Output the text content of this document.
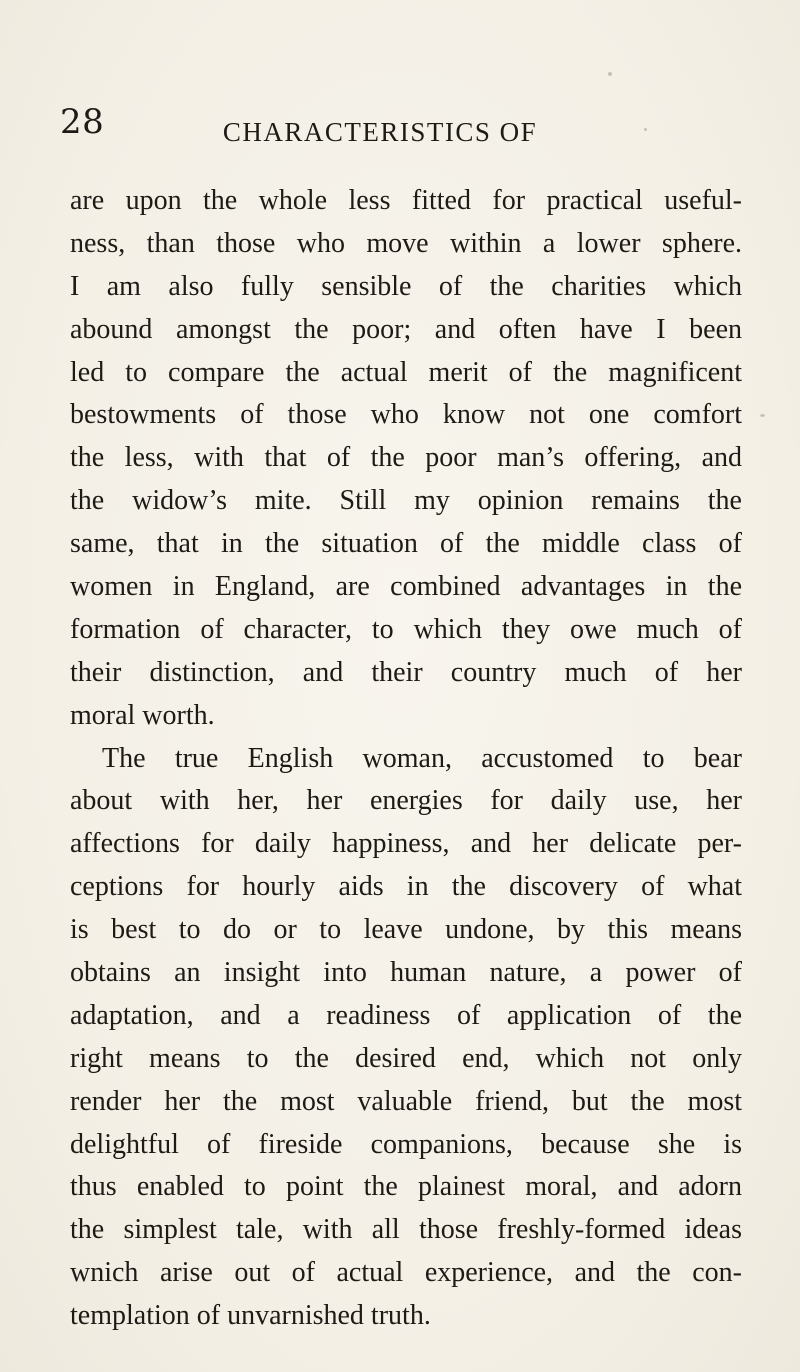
28	CHARACTERISTICS OF
are upon the whole less fitted for practical useful-
ness, than those who move within a lower sphere.
I am also fully sensible of the charities which
abound amongst the poor; and often have I been
led to compare the actual merit of the magnificent
bestowments of those who know not one comfort
the less, with that of the poor man’s offering, and
the widow’s mite. Still my opinion remains the
same, that in the situation of the middle class of
women in England, are combined advantages in the
formation of character, to which they owe much of
their distinction, and their country much of her
moral worth.
The true English woman, accustomed to bear
about with her, her energies for daily use, her
affections for daily happiness, and her delicate per-
ceptions for hourly aids in the discovery of what
is best to do or to leave undone, by this means
obtains an insight into human nature, a power of
adaptation, and a readiness of application of the
right means to the desired end, which not only
render her the most valuable friend, but the most
delightful of fireside companions, because she is
thus enabled to point the plainest moral, and adorn
the simplest tale, with all those freshly-formed ideas
wnich arise out of actual experience, and the con-
templation of unvarnished truth.
